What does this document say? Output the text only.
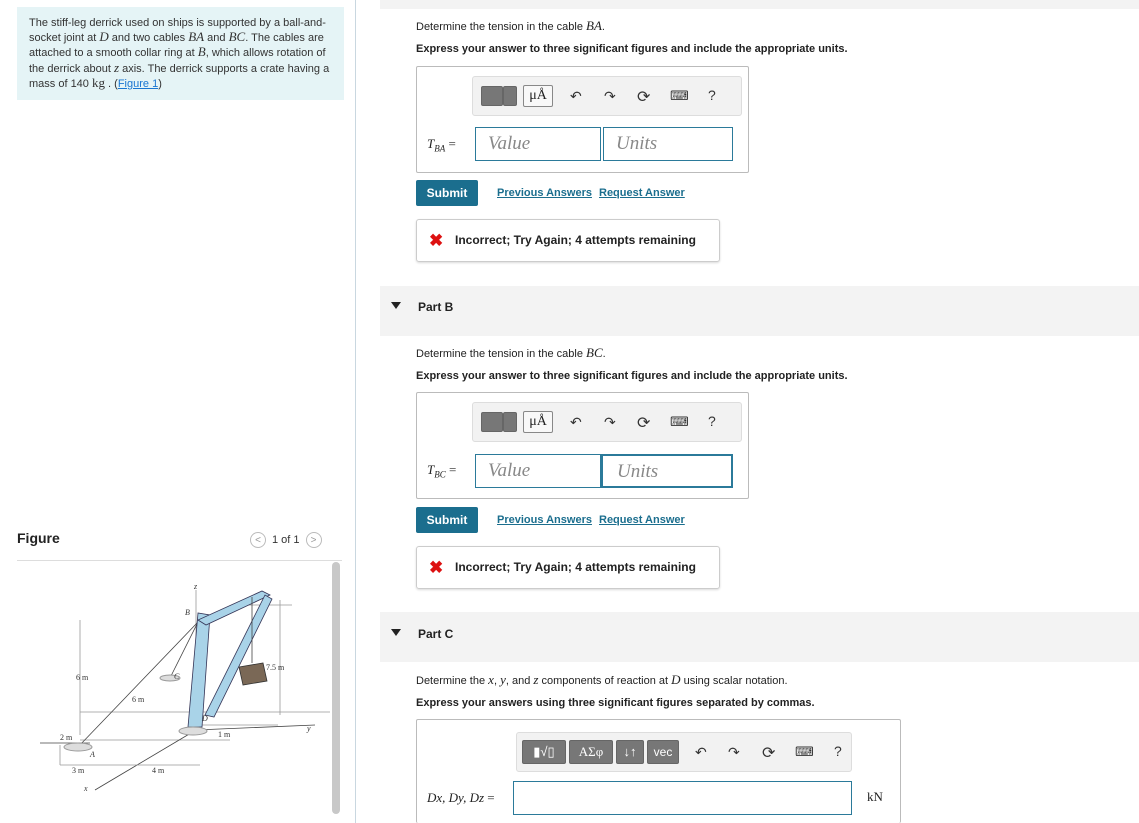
The stiff-leg derrick used on ships is supported by a ball-and-socket joint at D and two cables BA and BC. The cables are attached to a smooth collar ring at B, which allows rotation of the derrick about z axis. The derrick supports a crate having a mass of 140 kg . (Figure 1)
Figure	<	1 of 1	>
z
B
C
D
A
x
y
7.5 m
6 m
6 m
1 m
2 m
3 m	4 m
Determine the tension in the cable BA.
Express your answer to three significant figures and include the appropriate units.
μÅ	↶ ↷ ⟳ ⌨ ?
$T_{BA}$ =	Value	Units
Submit	Previous Answers Request Answer
✖ Incorrect; Try Again; 4 attempts remaining
Part B
Determine the tension in the cable BC.
Express your answer to three significant figures and include the appropriate units.
μÅ	↶ ↷ ⟳ ⌨ ?
$T_{BC}$ =	Value	Units
Submit	Previous Answers Request Answer
✖ Incorrect; Try Again; 4 attempts remaining
Part C
Determine the x, y, and z components of reaction at D using scalar notation.
Express your answers using three significant figures separated by commas.
▮√▯	ΑΣφ	↓↑	vec	↶ ↷ ⟳ ⌨ ?
Dx, Dy, Dz =	kN
